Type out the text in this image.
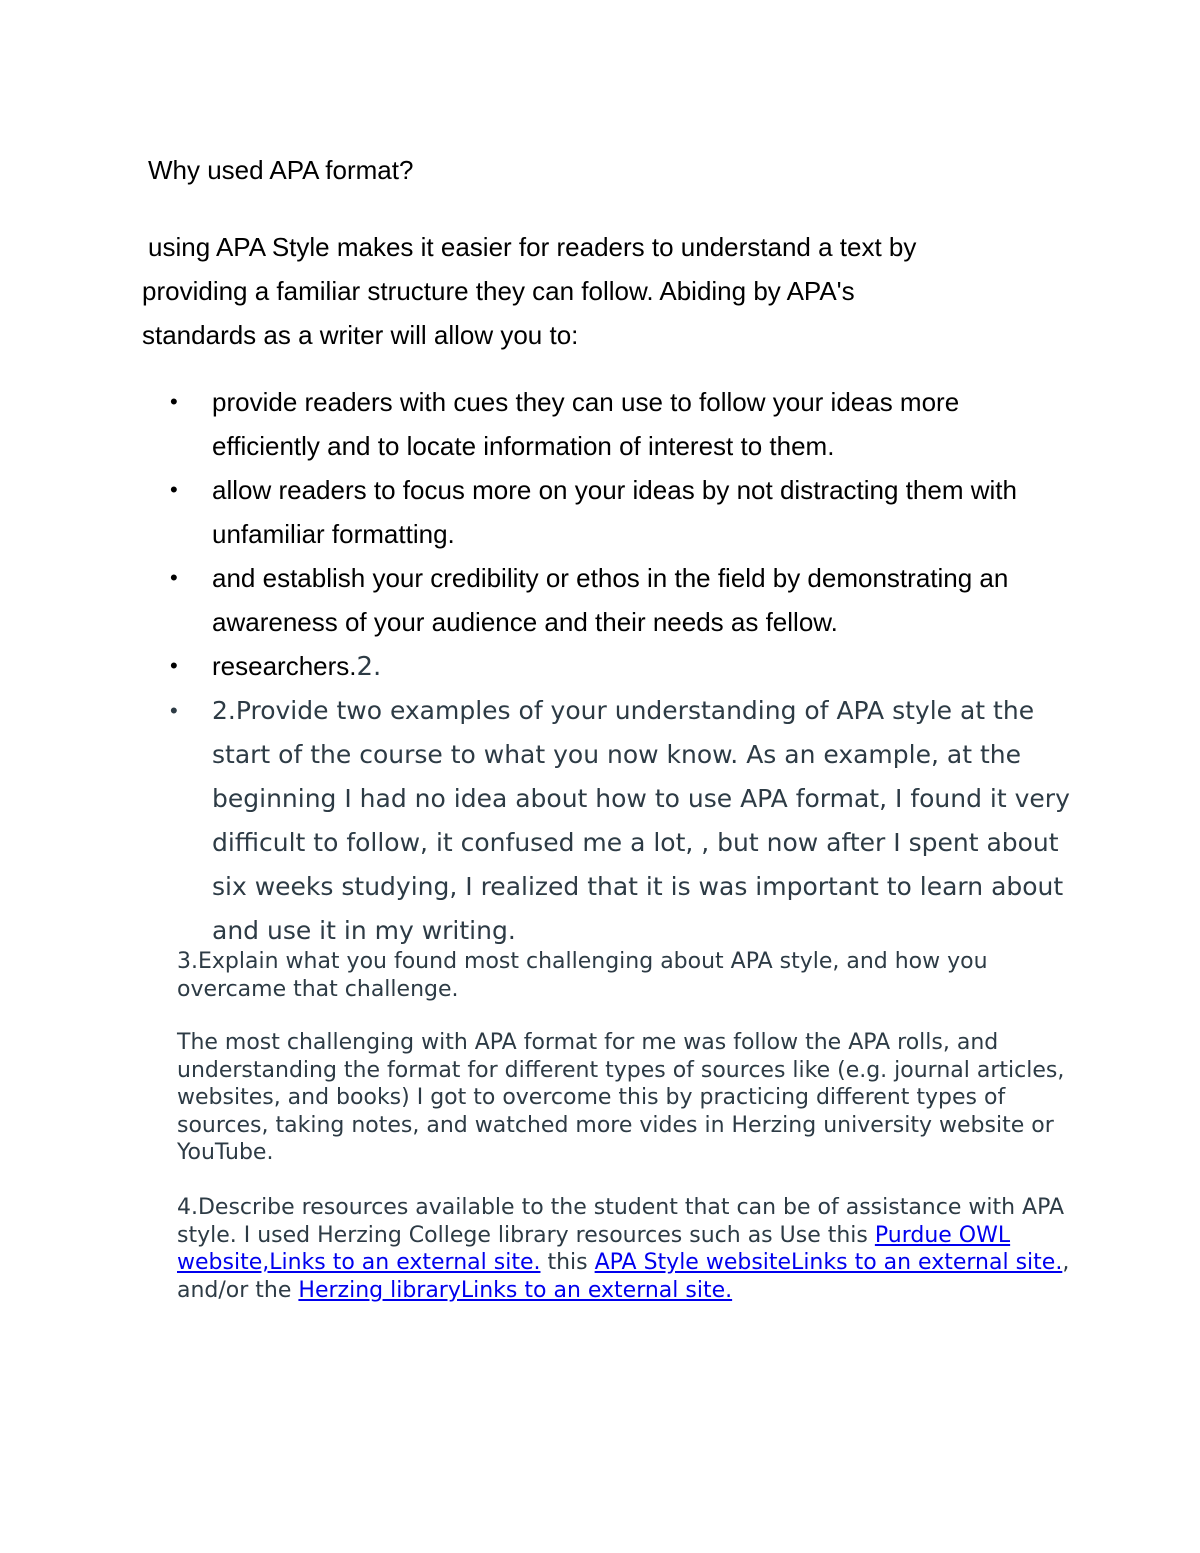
Why used APA format?

using APA Style makes it easier for readers to understand a text by
providing a familiar structure they can follow. Abiding by APA's
standards as a writer will allow you to:

•	provide readers with cues they can use to follow your ideas more efficiently and to locate information of interest to them.
•	allow readers to focus more on your ideas by not distracting them with unfamiliar formatting.
•	and establish your credibility or ethos in the field by demonstrating an awareness of your audience and their needs as fellow.
•	researchers.2.
•	2.Provide two examples of your understanding of APA style at the start of the course to what you now know. As an example, at the beginning I had no idea about how to use APA format, I found it very difficult to follow, it confused me a lot, , but now after I spent about six weeks studying, I realized that it is was important to learn about and use it in my writing.

3.Explain what you found most challenging about APA style, and how you overcame that challenge.

The most challenging with APA format for me was follow the APA rolls, and understanding the format for different types of sources like (e.g. journal articles, websites, and books) I got to overcome this by practicing different types of sources, taking notes, and watched more vides in Herzing university website or YouTube.

4.Describe resources available to the student that can be of assistance with APA style. I used Herzing College library resources such as Use this Purdue OWL website,Links to an external site. this APA Style websiteLinks to an external site., and/or the Herzing libraryLinks to an external site.
